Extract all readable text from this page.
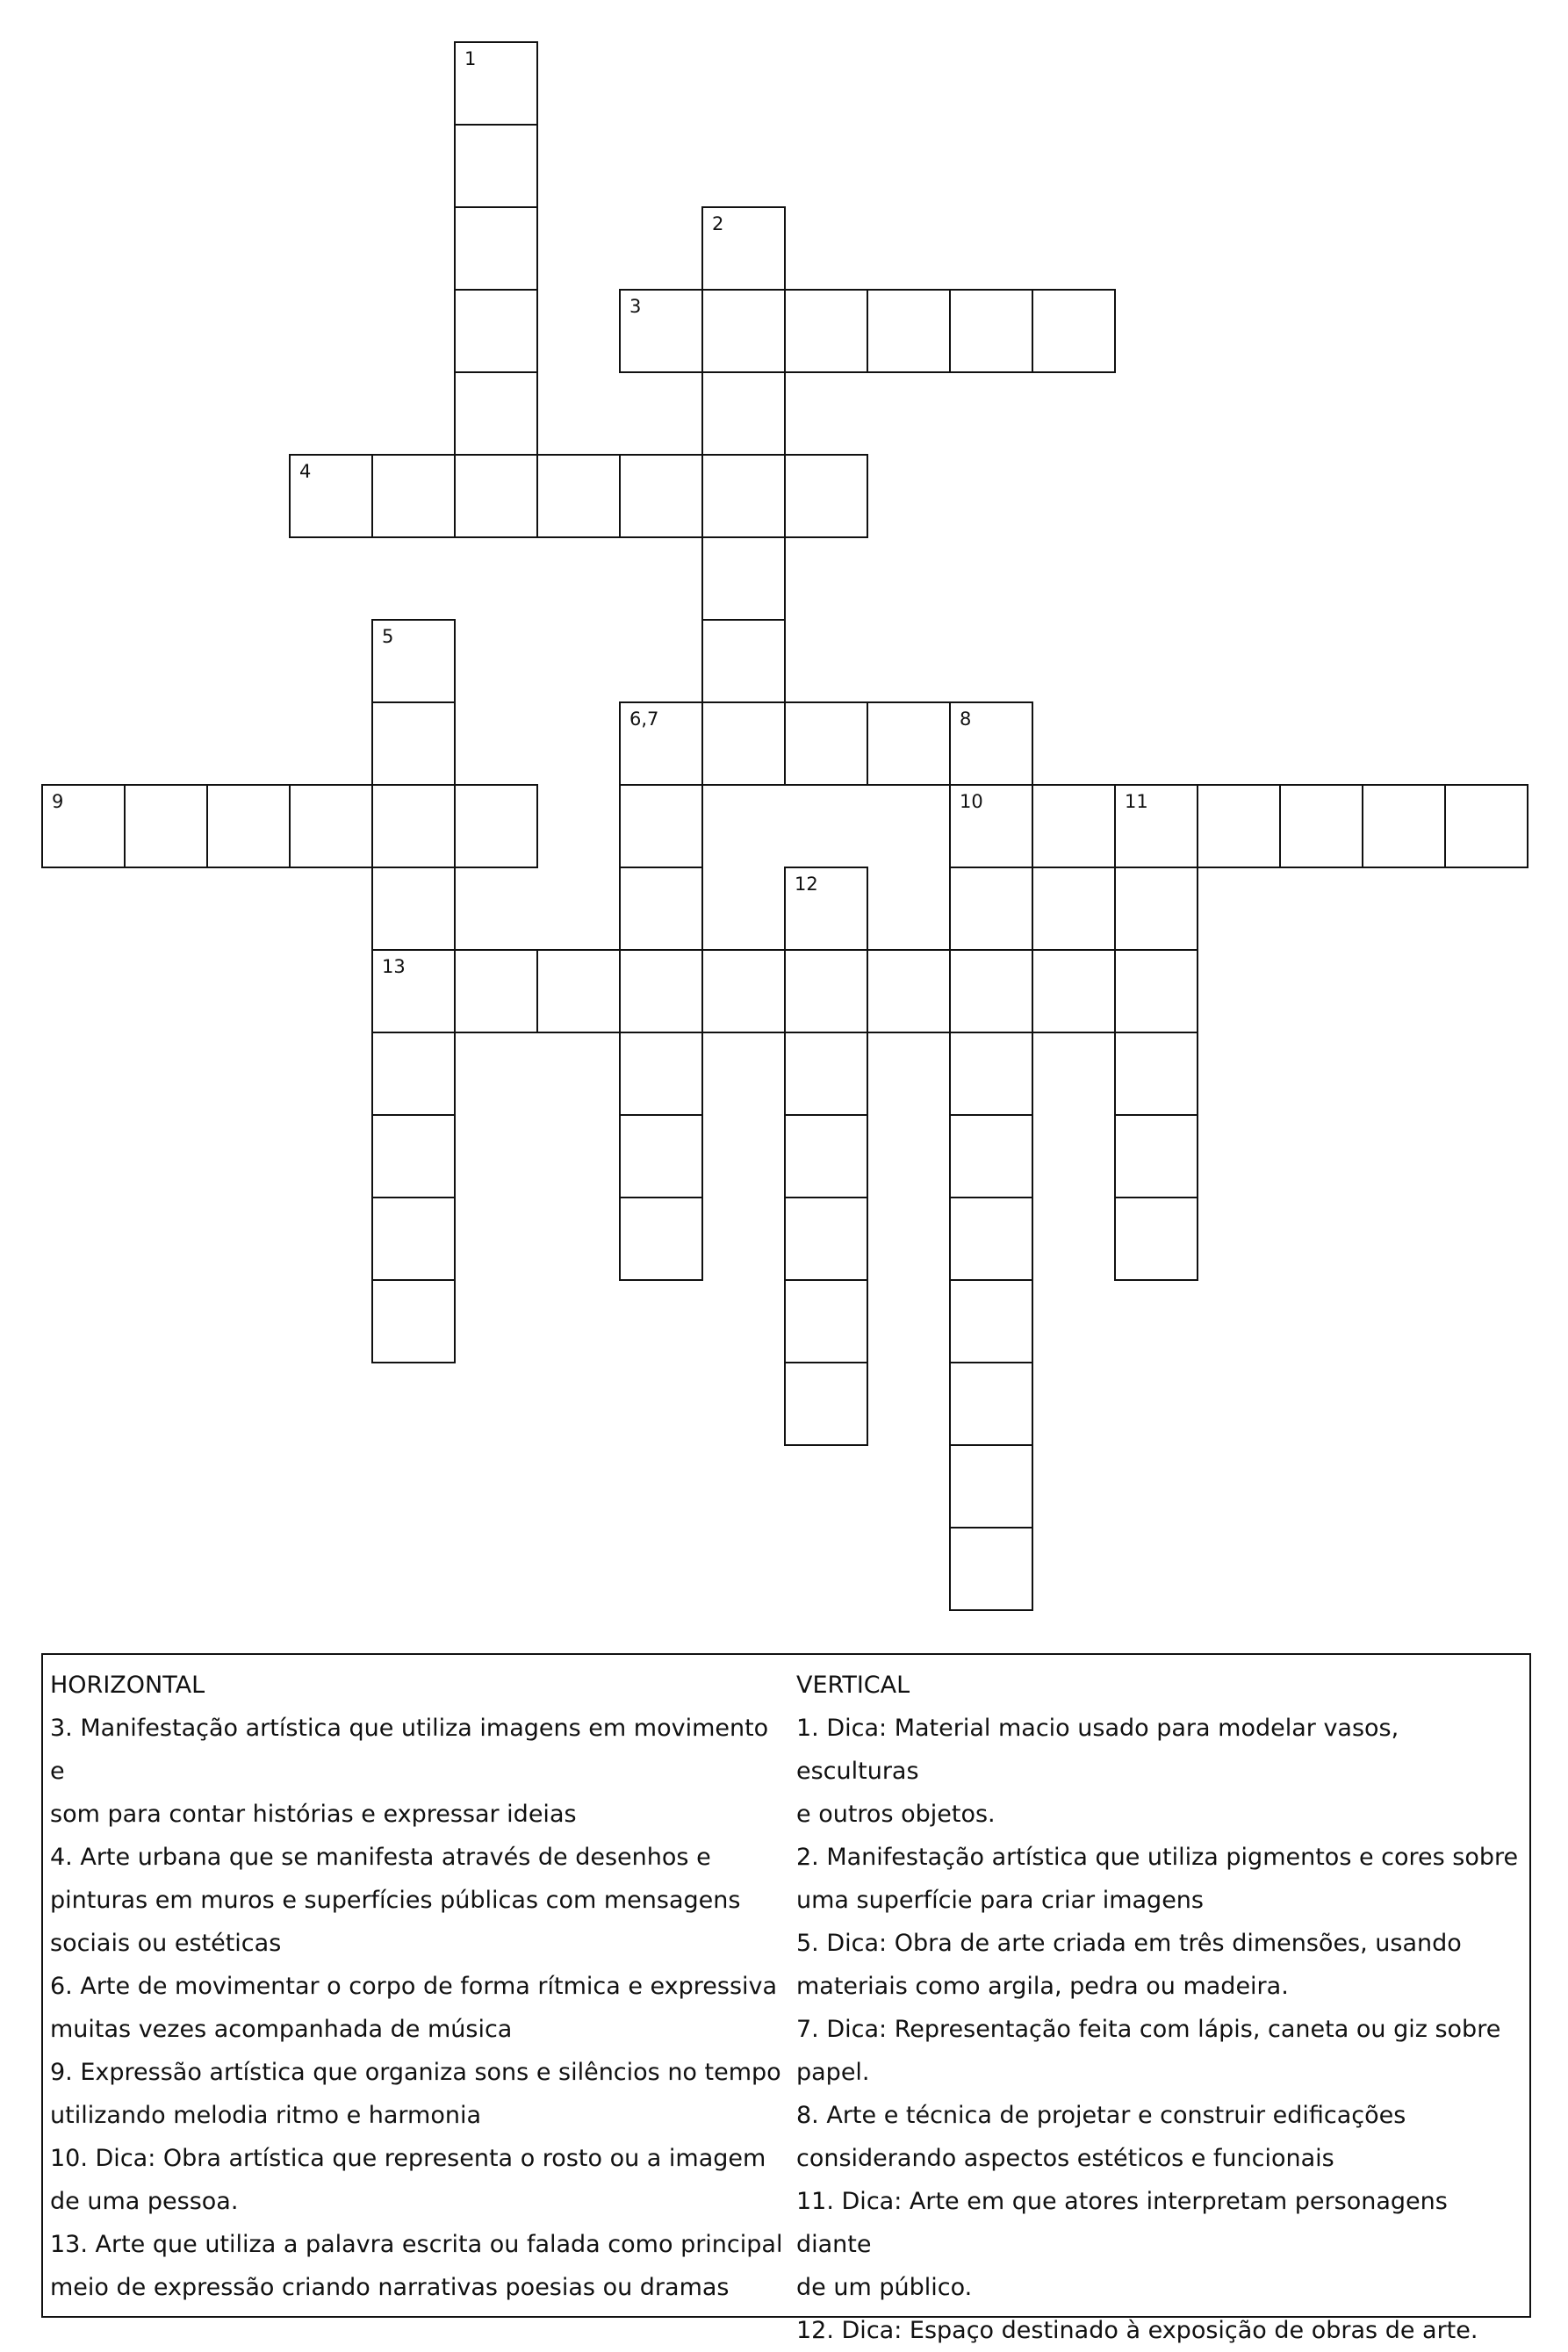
1
2
3
4
5
13
6,7	8
10
9	11
12

HORIZONTAL

3. Manifestação artística que utiliza imagens em movimento e
som para contar histórias e expressar ideias
4. Arte urbana que se manifesta através de desenhos e
pinturas em muros e superfícies públicas com mensagens
sociais ou estéticas
6. Arte de movimentar o corpo de forma rítmica e expressiva
muitas vezes acompanhada de música
9. Expressão artística que organiza sons e silêncios no tempo
utilizando melodia ritmo e harmonia
10. Dica: Obra artística que representa o rosto ou a imagem
de uma pessoa.
13. Arte que utiliza a palavra escrita ou falada como principal
meio de expressão criando narrativas poesias ou dramas

VERTICAL

1. Dica: Material macio usado para modelar vasos, esculturas
e outros objetos.
2. Manifestação artística que utiliza pigmentos e cores sobre
uma superfície para criar imagens
5. Dica: Obra de arte criada em três dimensões, usando
materiais como argila, pedra ou madeira.
7. Dica: Representação feita com lápis, caneta ou giz sobre
papel.
8. Arte e técnica de projetar e construir edificações
considerando aspectos estéticos e funcionais
11. Dica: Arte em que atores interpretam personagens diante
de um público.
12. Dica: Espaço destinado à exposição de obras de arte.
